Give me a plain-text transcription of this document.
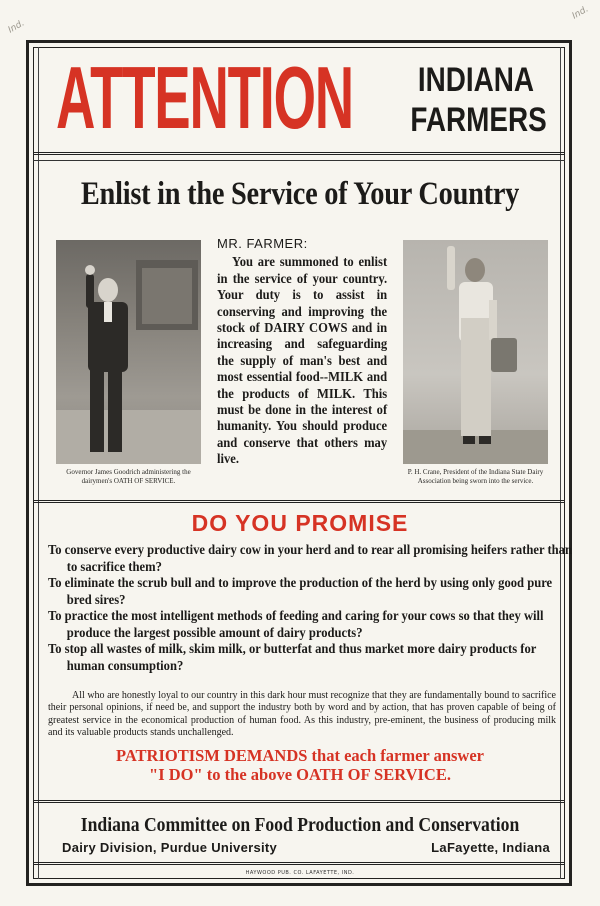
Ind.
Ind.
ATTENTION INDIANA
FARMERS
Enlist in the Service of Your Country
Governor James Goodrich administering the dairymen's OATH OF SERVICE.
P. H. Crane, President of the Indiana State Dairy Association being sworn into the service.
MR. FARMER:

You are summoned to enlist in the service of your country. Your duty is to assist in conserving and improving the stock of DAIRY COWS and in increasing and safeguarding the supply of man's best and most essential food--MILK and the products of MILK. This must be done in the interest of humanity. You should produce and conserve that others may live.

DO YOU PROMISE

To conserve every productive dairy cow in your herd and to rear all promising heifers rather than to sacrifice them?

To eliminate the scrub bull and to improve the production of the herd by using only good pure bred sires?

To practice the most intelligent methods of feeding and caring for your cows so that they will produce the largest possible amount of dairy products?

To stop all wastes of milk, skim milk, or butterfat and thus market more dairy products for human consumption?

All who are honestly loyal to our country in this dark hour must recognize that they are fundamentally bound to sacrifice their personal opinions, if need be, and support the industry both by word and by action, that has proven capable of being of greatest service in the economical production of human food. As this industry, pre-eminent, the business of producing milk and its valuable products stands unchallenged.

PATRIOTISM DEMANDS that each farmer answer
"I DO" to the above OATH OF SERVICE.
Indiana Committee on Food Production and Conservation
Dairy Division, Purdue University	LaFayette, Indiana
HAYWOOD PUB. CO. LAFAYETTE, IND.
